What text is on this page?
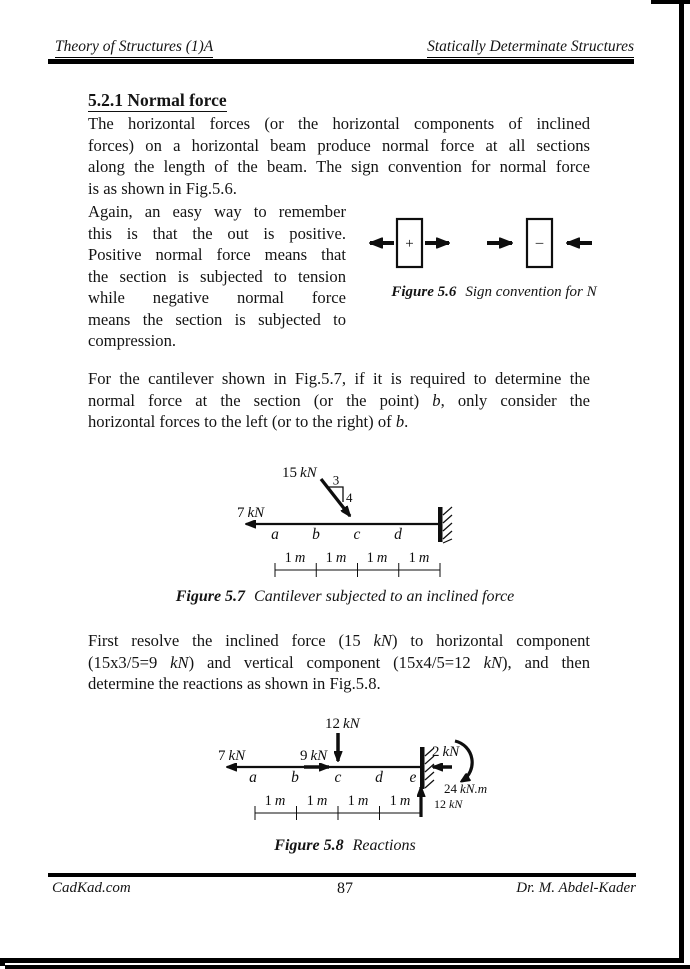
Theory of Structures (1)A	Statically Determinate Structures
5.2.1 Normal force
The horizontal forces (or the horizontal components of inclined
forces) on a horizontal beam produce normal force at all sections
along the length of the beam. The sign convention for normal force
is as shown in Fig.5.6.
Again, an easy way to remember
this is that the out is positive.
Positive normal force means that
the section is subjected to tension
while negative normal force
means the section is subjected to
compression.
+	–
Figure 5.6 Sign convention for N
For the cantilever shown in Fig.5.7, if it is required to determine the
normal force at the section (or the point) b, only consider the
horizontal forces to the left (or to the right) of b.
15 kN 3
4
7 kN
a b c d
1 m 1 m 1 m 1 m
Figure 5.7 Cantilever subjected to an inclined force
First resolve the inclined force (15 kN) to horizontal component
(15x3/5=9 kN) and vertical component (15x4/5=12 kN), and then
determine the reactions as shown in Fig.5.8.
12 kN
7 kN	9 kN
a b c d e
2 kN
24 kN.m
12 kN
1 m 1 m 1 m 1 m
Figure 5.8 Reactions
CadKad.com	87	Dr. M. Abdel-Kader
